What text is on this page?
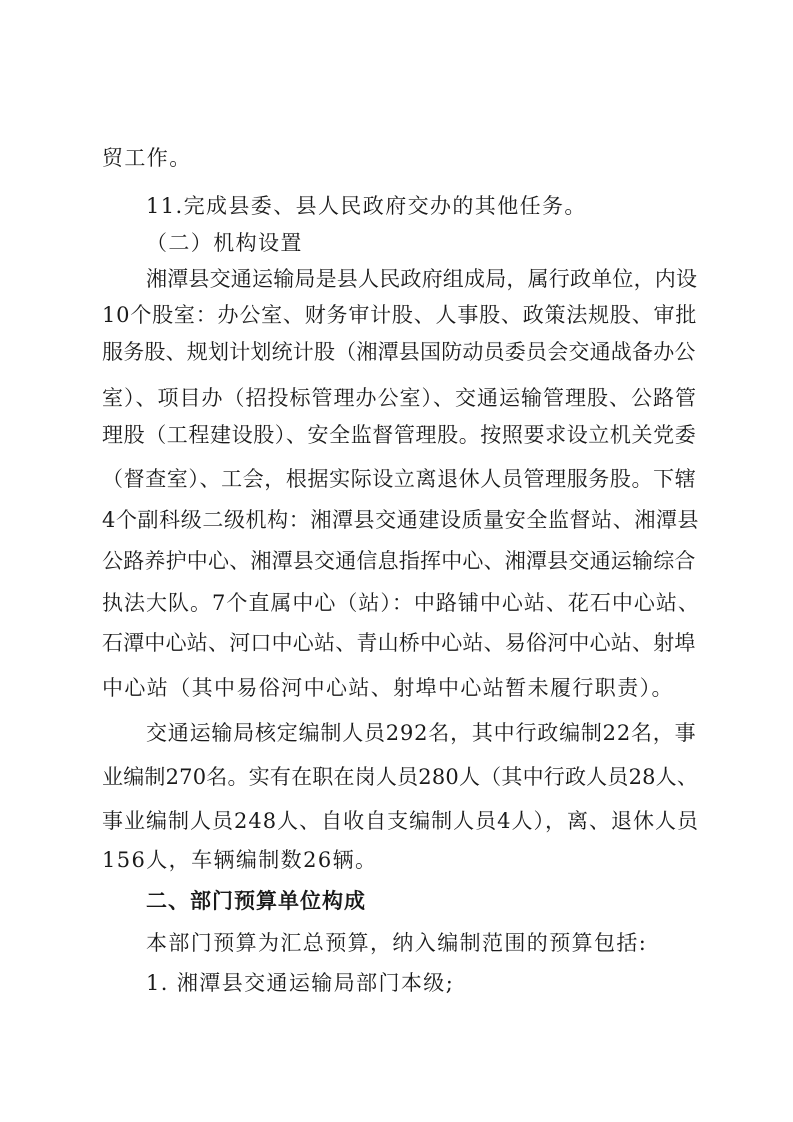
贸工作。
11.完成县委、县人民政府交办的其他任务。
（二）机构设置
湘潭县交通运输局是县人民政府组成局，属行政单位，内设
10个股室：办公室、财务审计股、人事股、政策法规股、审批
服务股、规划计划统计股（湘潭县国防动员委员会交通战备办公
室）、项目办（招投标管理办公室）、交通运输管理股、公路管
理股（工程建设股）、安全监督管理股。按照要求设立机关党委
（督查室）、工会，根据实际设立离退休人员管理服务股。下辖
4个副科级二级机构：湘潭县交通建设质量安全监督站、湘潭县
公路养护中心、湘潭县交通信息指挥中心、湘潭县交通运输综合
执法大队。7个直属中心（站）：中路铺中心站、花石中心站、
石潭中心站、河口中心站、青山桥中心站、易俗河中心站、射埠
中心站（其中易俗河中心站、射埠中心站暂未履行职责）。
交通运输局核定编制人员292名，其中行政编制22名，事
业编制270名。实有在职在岗人员280人（其中行政人员28人、
事业编制人员248人、自收自支编制人员4人），离、退休人员
156人，车辆编制数26辆。
二、部门预算单位构成
本部门预算为汇总预算，纳入编制范围的预算包括:
1. 湘潭县交通运输局部门本级;
